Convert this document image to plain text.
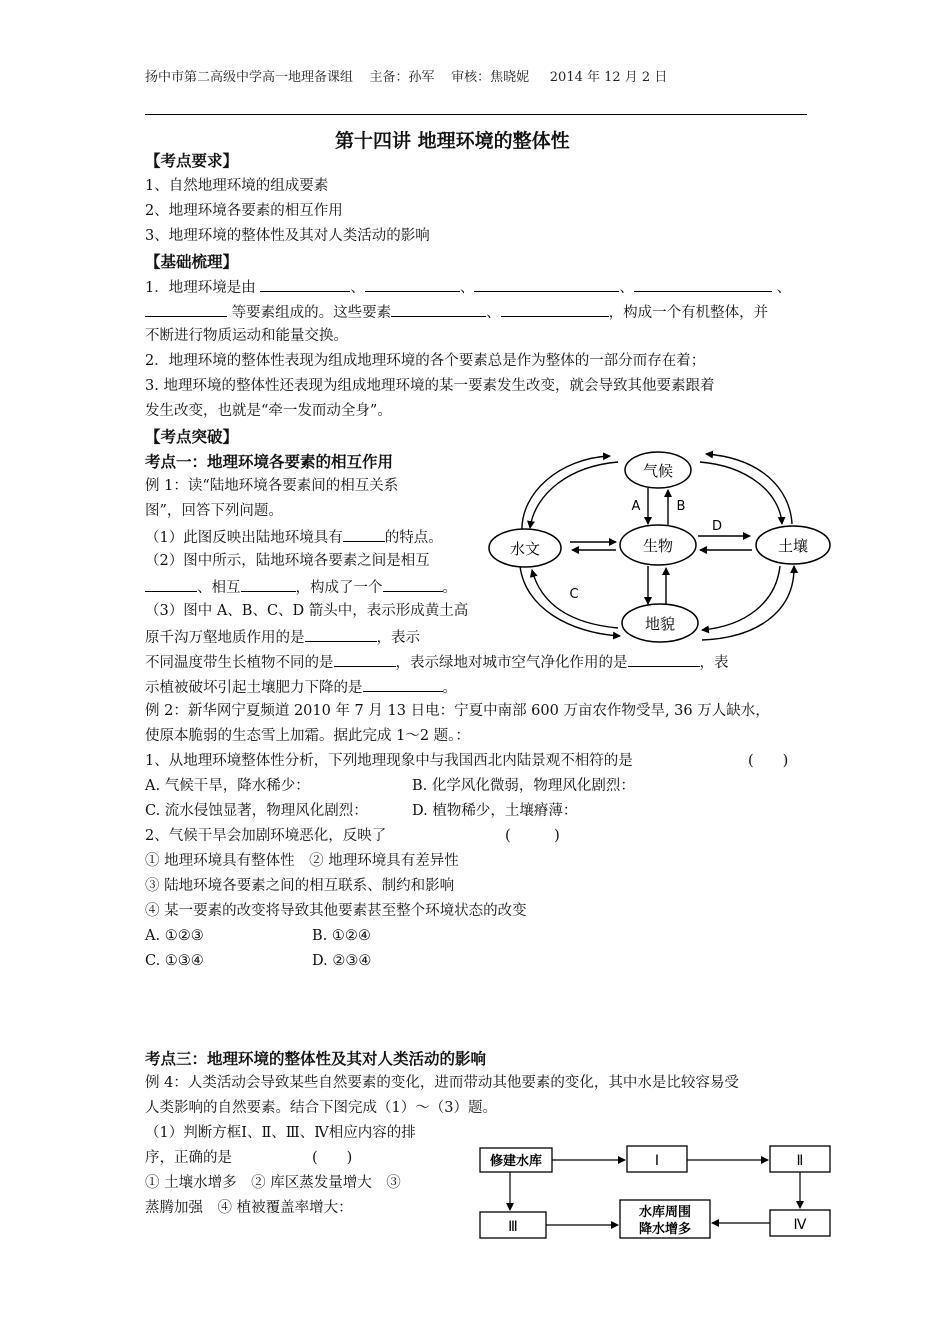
扬中市第二高级中学高一地理备课组 主备：孙军 审核：焦晓妮 2014 年 12 月 2 日
第十四讲 地理环境的整体性
【考点要求】
1、自然地理环境的组成要素
2、地理环境各要素的相互作用
3、地理环境的整体性及其对人类活动的影响
【基础梳理】
1．地理环境是由	、	、	、	、
等要素组成的。这些要素	、	，构成一个有机整体，并
不断进行物质运动和能量交换。
2．地理环境的整体性表现为组成地理环境的各个要素总是作为整体的一部分而存在着；
3. 地理环境的整体性还表现为组成地理环境的某一要素发生改变，就会导致其他要素跟着
发生改变，也就是“牵一发而动全身”。
【考点突破】
考点一：地理环境各要素的相互作用
例 1：读“陆地环境各要素间的相互关系
图”，回答下列问题。
（1）此图反映出陆地环境具有	的特点。
（2）图中所示，陆地环境各要素之间是相互
、相互	，构成了一个	。
（3）图中 A、B、C、D 箭头中，表示形成黄土高
原千沟万壑地质作用的是	，表示
不同温度带生长植物不同的是	，表示绿地对城市空气净化作用的是	，表
示植被破坏引起土壤肥力下降的是	。
A	B
D
C
气候
水文	生物	土壤
地貌
例 2：新华网宁夏频道 2010 年 7 月 13 日电：宁夏中南部 600 万亩农作物受旱, 36 万人缺水，
使原本脆弱的生态雪上加霜。据此完成 1～2 题。：
1、从地理环境整体性分析，下列地理现象中与我国西北内陆景观不相符的是	(　　)
A. 气候干旱，降水稀少：	B. 化学风化微弱，物理风化剧烈：
C. 流水侵蚀显著，物理风化剧烈：	D. 植物稀少，土壤瘠薄：
2、气候干旱会加剧环境恶化，反映了	(　　　)
① 地理环境具有整体性　② 地理环境具有差异性
③ 陆地环境各要素之间的相互联系、制约和影响
④ 某一要素的改变将导致其他要素甚至整个环境状态的改变
A. ①②③	B. ①②④
C. ①③④	D. ②③④
考点三：地理环境的整体性及其对人类活动的影响
例 4：人类活动会导致某些自然要素的变化，进而带动其他要素的变化，其中水是比较容易受
人类影响的自然要素。结合下图完成（1）～（3）题。
（1）判断方框Ⅰ、Ⅱ、Ⅲ、Ⅳ相应内容的排
序，正确的是	(　　)
① 土壤水增多　② 库区蒸发量增大　③
蒸腾加强　④ 植被覆盖率增大：
修建水库	Ⅰ	Ⅱ
Ⅲ
水库周围
降水增多	Ⅳ
